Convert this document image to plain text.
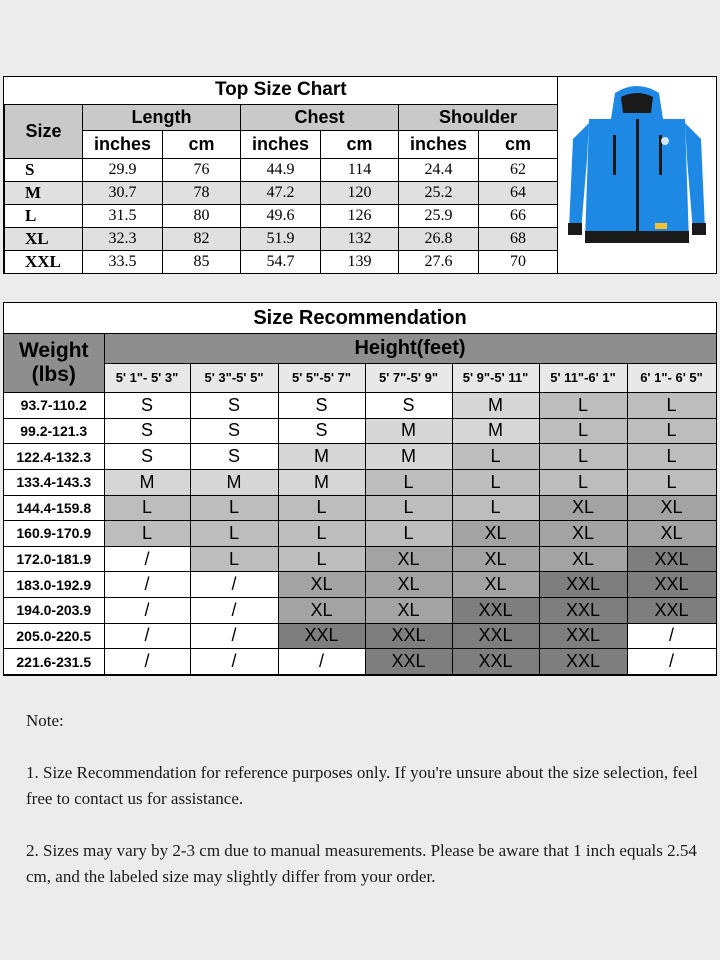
Top Size Chart						
Size	Length		Chest		Shoulder	
	inches	cm	inches	cm	inches	cm
S	29.9	76	44.9	114	24.4	62
M	30.7	78	47.2	120	25.2	64
L	31.5	80	49.6	126	25.9	66
XL	32.3	82	51.9	132	26.8	68
XXL	33.5	85	54.7	139	27.6	70
Size Recommendation							
Weight
(lbs)	Height(feet)						
	5' 1"- 5' 3"	5' 3"-5' 5"	5' 5"-5' 7"	5' 7"-5' 9"	5' 9"-5' 11"	5' 11"-6' 1"	6' 1"- 6' 5"
93.7-110.2	S	S	S	S	M	L	L
99.2-121.3	S	S	S	M	M	L	L
122.4-132.3	S	S	M	M	L	L	L
133.4-143.3	M	M	M	L	L	L	L
144.4-159.8	L	L	L	L	L	XL	XL
160.9-170.9	L	L	L	L	XL	XL	XL
172.0-181.9	/	L	L	XL	XL	XL	XXL
183.0-192.9	/	/	XL	XL	XL	XXL	XXL
194.0-203.9	/	/	XL	XL	XXL	XXL	XXL
205.0-220.5	/	/	XXL	XXL	XXL	XXL	/
221.6-231.5	/	/	/	XXL	XXL	XXL	/

Note:

1. Size Recommendation for reference purposes only. If you're unsure about the size selection, feel free to contact us for assistance.

2. Sizes may vary by 2-3 cm due to manual measurements. Please be aware that 1 inch equals 2.54 cm, and the labeled size may slightly differ from your order.
